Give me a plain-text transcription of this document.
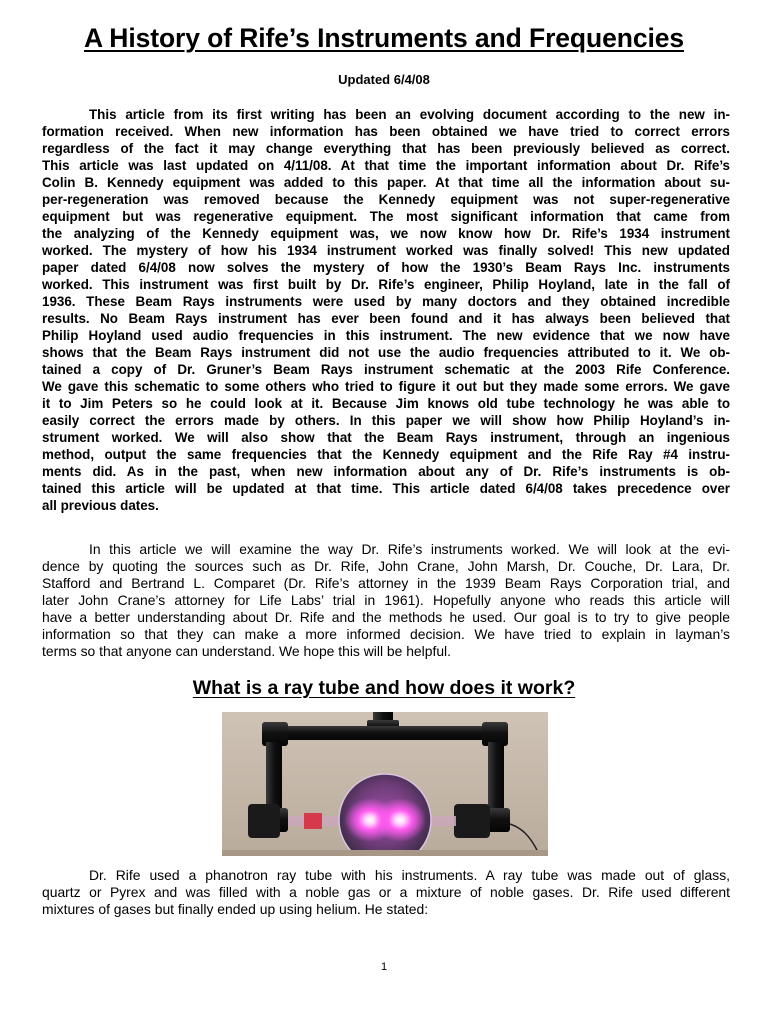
A History of Rife’s Instruments and Frequencies
Updated 6/4/08
This article from its first writing has been an evolving document according to the new in-
formation received. When new information has been obtained we have tried to correct errors
regardless of the fact it may change everything that has been previously believed as correct.
This article was last updated on 4/11/08. At that time the important information about Dr. Rife’s
Colin B. Kennedy equipment was added to this paper. At that time all the information about su-
per-regeneration was removed because the Kennedy equipment was not super-regenerative
equipment but was regenerative equipment. The most significant information that came from
the analyzing of the Kennedy equipment was, we now know how Dr. Rife’s 1934 instrument
worked. The mystery of how his 1934 instrument worked was finally solved! This new updated
paper dated 6/4/08 now solves the mystery of how the 1930’s Beam Rays Inc. instruments
worked. This instrument was first built by Dr. Rife’s engineer, Philip Hoyland, late in the fall of
1936. These Beam Rays instruments were used by many doctors and they obtained incredible
results. No Beam Rays instrument has ever been found and it has always been believed that
Philip Hoyland used audio frequencies in this instrument. The new evidence that we now have
shows that the Beam Rays instrument did not use the audio frequencies attributed to it. We ob-
tained a copy of Dr. Gruner’s Beam Rays instrument schematic at the 2003 Rife Conference.
We gave this schematic to some others who tried to figure it out but they made some errors. We gave
it to Jim Peters so he could look at it. Because Jim knows old tube technology he was able to
easily correct the errors made by others. In this paper we will show how Philip Hoyland’s in-
strument worked. We will also show that the Beam Rays instrument, through an ingenious
method, output the same frequencies that the Kennedy equipment and the Rife Ray #4 instru-
ments did. As in the past, when new information about any of Dr. Rife’s instruments is ob-
tained this article will be updated at that time. This article dated 6/4/08 takes precedence over
all previous dates.
In this article we will examine the way Dr. Rife’s instruments worked. We will look at the evi-
dence by quoting the sources such as Dr. Rife, John Crane, John Marsh, Dr. Couche, Dr. Lara, Dr.
Stafford and Bertrand L. Comparet (Dr. Rife’s attorney in the 1939 Beam Rays Corporation trial, and
later John Crane’s attorney for Life Labs’ trial in 1961). Hopefully anyone who reads this article will
have a better understanding about Dr. Rife and the methods he used. Our goal is to try to give people
information so that they can make a more informed decision. We have tried to explain in layman’s
terms so that anyone can understand. We hope this will be helpful.
What is a ray tube and how does it work?
Dr. Rife used a phanotron ray tube with his instruments. A ray tube was made out of glass,
quartz or Pyrex and was filled with a noble gas or a mixture of noble gases. Dr. Rife used different
mixtures of gases but finally ended up using helium. He stated:
1
